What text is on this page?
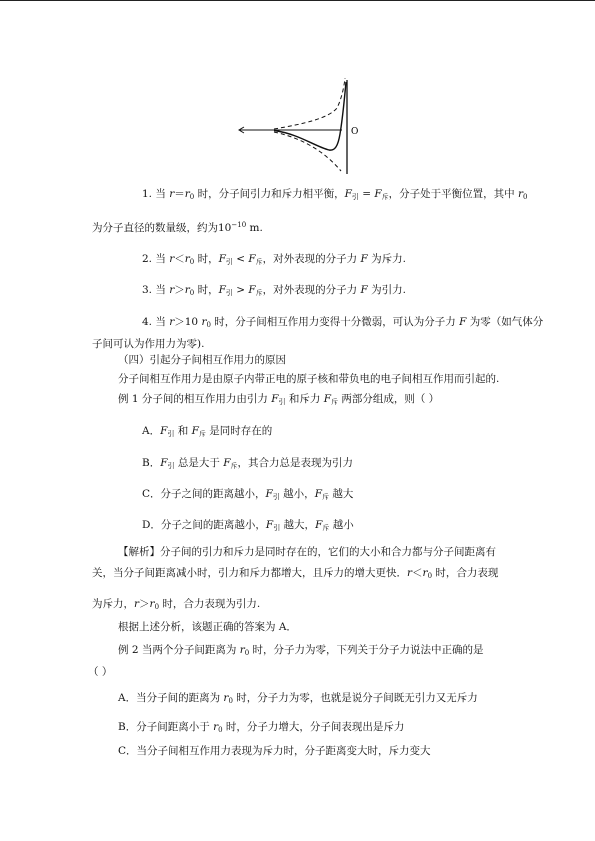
O
1. 当 $r=r_0$ 时，分子间引力和斥力相平衡，$F_引 = F_斥$，分子处于平衡位置，其中 $r_0$
为分子直径的数量级，约为$10^{-10}$ m.
2. 当 $r<r_0$ 时，$F_引 < F_斥$，对外表现的分子力 F 为斥力.
3. 当 $r>r_0$ 时，$F_引 > F_斥$，对外表现的分子力 F 为引力.
4. 当 r＞10 $r_0$ 时，分子间相互作用力变得十分微弱，可认为分子力 F 为零（如气体分
子间可认为作用力为零).
（四）引起分子间相互作用力的原因
分子间相互作用力是由原子内带正电的原子核和带负电的电子间相互作用而引起的.
例 1 分子间的相互作用力由引力 $F_引$ 和斥力 $F_斥$ 两部分组成，则（ ）
A．$F_引$ 和 $F_斥$ 是同时存在的
B．$F_引$ 总是大于 $F_斥$，其合力总是表现为引力
C．分子之间的距离越小，$F_引$ 越小，$F_斥$ 越大
D．分子之间的距离越小，$F_引$ 越大，$F_斥$ 越小
【解析】分子间的引力和斥力是同时存在的，它们的大小和合力都与分子间距离有
关，当分子间距离减小时，引力和斥力都增大，且斥力的增大更快．$r<r_0$ 时，合力表现
为斥力，$r>r_0$ 时，合力表现为引力.
根据上述分析，该题正确的答案为 A．
例 2 当两个分子间距离为 $r_0$ 时，分子力为零，下列关于分子力说法中正确的是
（ ）
A．当分子间的距离为 $r_0$ 时，分子力为零，也就是说分子间既无引力又无斥力
B．分子间距离小于 $r_0$ 时，分子力增大，分子间表现出是斥力
C．当分子间相互作用力表现为斥力时，分子距离变大时，斥力变大
